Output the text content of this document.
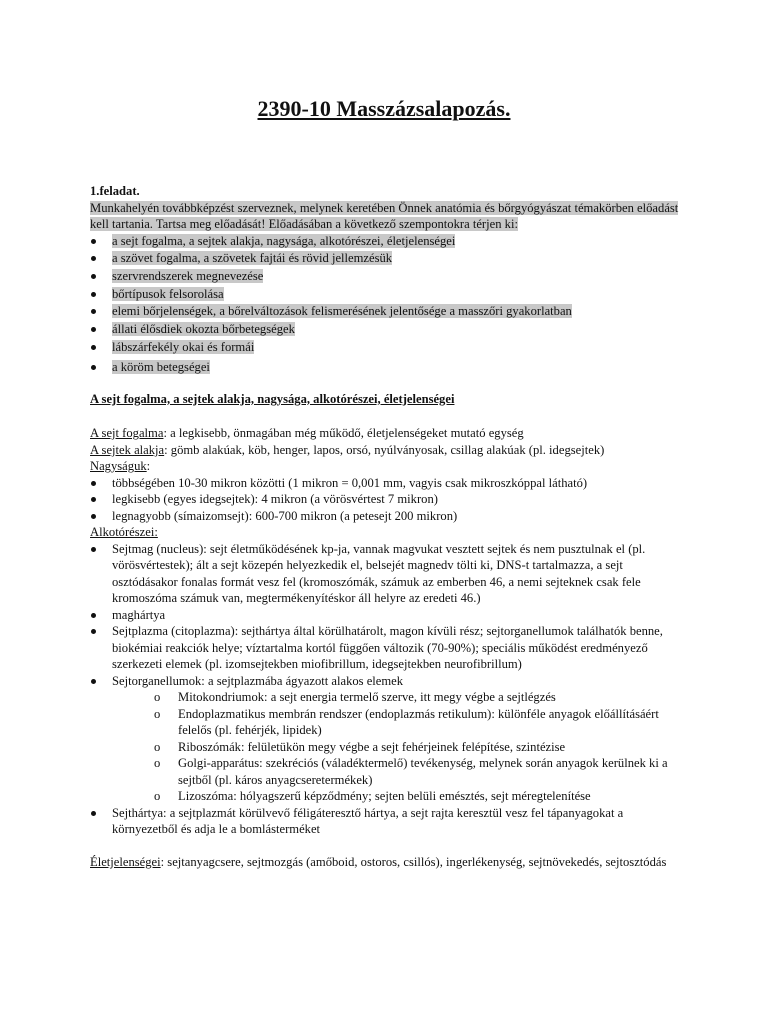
2390-10 Masszázsalapozás.
1.feladat.
Munkahelyén továbbképzést szerveznek, melynek keretében Önnek anatómia és bőrgyógyászat témakörben előadást kell tartania. Tartsa meg előadását! Előadásában a következő szempontokra térjen ki:
a sejt fogalma, a sejtek alakja, nagysága, alkotórészei, életjelenségei
a szövet fogalma, a szövetek fajtái és rövid jellemzésük
szervrendszerek megnevezése
bőrtípusok felsorolása
elemi bőrjelenségek, a bőrelváltozások felismerésének jelentősége a masszőri gyakorlatban
állati élősdiek okozta bőrbetegségek
lábszárfekély okai és formái
a köröm betegségei
A sejt fogalma, a sejtek alakja, nagysága, alkotórészei, életjelenségei
A sejt fogalma: a legkisebb, önmagában még működő, életjelenségeket mutató egység
A sejtek alakja: gömb alakúak, köb, henger, lapos, orsó, nyúlványosak, csillag alakúak (pl. idegsejtek)
Nagyságuk:
többségében 10-30 mikron közötti (1 mikron = 0,001 mm, vagyis csak mikroszkóppal látható)
legkisebb (egyes idegsejtek): 4 mikron (a vörösvértest 7 mikron)
legnagyobb (símaizomsejt): 600-700 mikron (a petesejt 200 mikron)
Alkotórészei:
Sejtmag (nucleus): sejt életműködésének kp-ja, vannak magvukat vesztett sejtek és nem pusztulnak el (pl. vörösvértestek); ált a sejt közepén helyezkedik el, belsejét magnedv tölti ki, DNS-t tartalmazza, a sejt osztódásakor fonalas formát vesz fel (kromoszómák, számuk az emberben 46, a nemi sejteknek csak fele kromoszóma számuk van, megtermékenyítéskor áll helyre az eredeti 46.)
maghártya
Sejtplazma (citoplazma): sejthártya által körülhatárolt, magon kívüli rész; sejtorganellumok találhatók benne, biokémiai reakciók helye; víztartalma kortól függően változik (70-90%); speciális működést eredményező szerkezeti elemek (pl. izomsejtekben miofibrillum, idegsejtekben neurofibrillum)
Sejtorganellumok: a sejtplazmába ágyazott alakos elemek
o Mitokondriumok: a sejt energia termelő szerve, itt megy végbe a sejtlégzés
o Endoplazmatikus membrán rendszer (endoplazmás retikulum): különféle anyagok előállításáért felelős (pl. fehérjék, lipidek)
o Riboszómák: felületükön megy végbe a sejt fehérjeinek felépítése, szintézise
o Golgi-apparátus: szekréciós (váladéktermelő) tevékenység, melynek során anyagok kerülnek ki a sejtből (pl. káros anyagcseretermékek)
o Lizoszóma: hólyagszerű képződmény; sejten belüli emésztés, sejt méregtelenítése
Sejthártya: a sejtplazmát körülvevő féligáteresztő hártya, a sejt rajta keresztül vesz fel tápanyagokat a környezetből és adja le a bomlásterméket
Életjelenségei: sejtanyagcsere, sejtmozgás (amőboid, ostoros, csillós), ingerlékenység, sejtnövekedés, sejtosztódás
